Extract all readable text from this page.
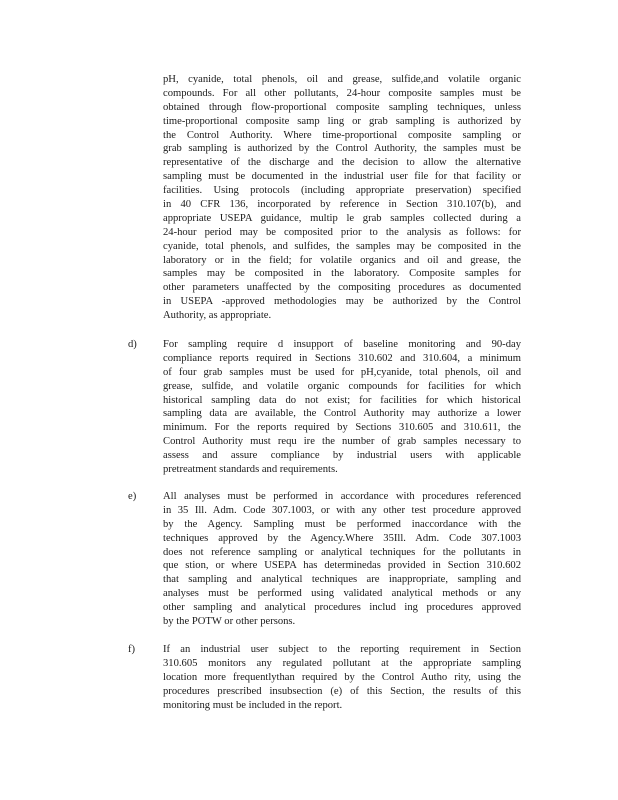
pH, cyanide, total phenols, oil and grease, sulfide,and volatile organic
compounds. For all other pollutants, 24-hour composite samples must be
obtained through flow-proportional composite sampling techniques, unless
time-proportional composite samp ling or grab sampling is authorized by
the Control Authority. Where time-proportional composite sampling or
grab sampling is authorized by the Control Authority, the samples must be
representative of the discharge and the decision to allow the alternative
sampling must be documented in the industrial user file for that facility or
facilities. Using protocols (including appropriate preservation) specified
in 40 CFR 136, incorporated by reference in Section 310.107(b), and
appropriate USEPA guidance, multip le grab samples collected during a
24-hour period may be composited prior to the analysis as follows: for
cyanide, total phenols, and sulfides, the samples may be composited in the
laboratory or in the field; for volatile organics and oil and grease, the
samples may be composited in the laboratory. Composite samples for
other parameters unaffected by the compositing procedures as documented
in USEPA -approved methodologies may be authorized by the Control
Authority, as appropriate.
d) For sampling require d insupport of baseline monitoring and 90-day
compliance reports required in Sections 310.602 and 310.604, a minimum
of four grab samples must be used for pH,cyanide, total phenols, oil and
grease, sulfide, and volatile organic compounds for facilities for which
historical sampling data do not exist; for facilities for which historical
sampling data are available, the Control Authority may authorize a lower
minimum. For the reports required by Sections 310.605 and 310.611, the
Control Authority must requ ire the number of grab samples necessary to
assess and assure compliance by industrial users with applicable
pretreatment standards and requirements.
e)	All analyses must be performed in accordance with procedures referenced
in 35 Ill. Adm. Code 307.1003, or with any other test procedure approved
by the Agency. Sampling must be performed inaccordance with the
techniques approved by the Agency.Where 35Ill. Adm. Code 307.1003
does not reference sampling or analytical techniques for the pollutants in
que stion, or where USEPA has determinedas provided in Section 310.602
that sampling and analytical techniques are inappropriate, sampling and
analyses must be performed using validated analytical methods or any
other sampling and analytical procedures includ ing procedures approved
by the POTW or other persons.
f)	If an industrial user subject to the reporting requirement in Section
310.605 monitors any regulated pollutant at the appropriate sampling
location more frequentlythan required by the Control Autho rity, using the
procedures prescribed insubsection (e) of this Section, the results of this
monitoring must be included in the report.
